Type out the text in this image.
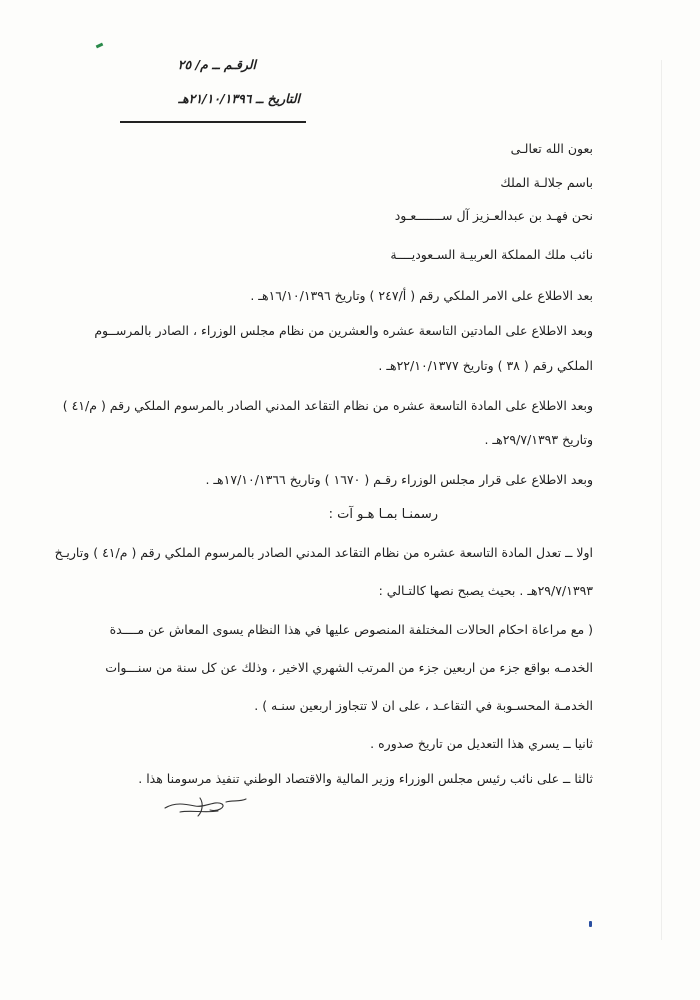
الرقـم ــ م/ ٢٥
التاريخ ــ ٢١/١٠/١٣٩٦هـ
بعون الله تعالـى
باسم جلالـة الملك
نحن فهـد بن عبدالعـزيز آل ســـــــعـود
نائب ملك المملكة العربيـة السـعوديــــة
بعد الاطلاع على الامر الملكي رقم ( أ/٢٤٧ ) وتاريخ ١٦/١٠/١٣٩٦هـ .
وبعد الاطلاع على المادتين التاسعة عشره والعشرين من نظام مجلس الوزراء ، الصادر بالمرســوم
الملكي رقم ( ٣٨ ) وتاريخ ٢٢/١٠/١٣٧٧هـ .
وبعد الاطلاع على المادة التاسعة عشره من نظام التقاعد المدني الصادر بالمرسوم الملكي رقم ( م/٤١ )
وتاريخ ٢٩/٧/١٣٩٣هـ .
وبعد الاطلاع على قرار مجلس الوزراء رقـم ( ١٦٧٠ ) وتاريخ ١٧/١٠/١٣٦٦هـ .
رسمنـا بمـا هـو آت :
اولا ــ تعدل المادة التاسعة عشره من نظام التقاعد المدني الصادر بالمرسوم الملكي رقم ( م/٤١ ) وتاريـخ
٢٩/٧/١٣٩٣هـ . بحيث يصبح نصها كالتـالي :
( مع مراعاة احكام الحالات المختلفة المنصوص عليها في هذا النظام يسوى المعاش عن مــــدة
الخدمـه بواقع جزء من اربعين جزء من المرتب الشهري الاخير ، وذلك عن كل سنة من سنـــوات
الخدمـة المحسـوبة في التقاعـد ، على ان لا تتجاوز اربعين سنـه ) .
ثانيا ــ يسري هذا التعديل من تاريخ صدوره .
ثالثا ــ على نائب رئيس مجلس الوزراء وزير المالية والاقتصاد الوطني تنفيذ مرسومنا هذا .
